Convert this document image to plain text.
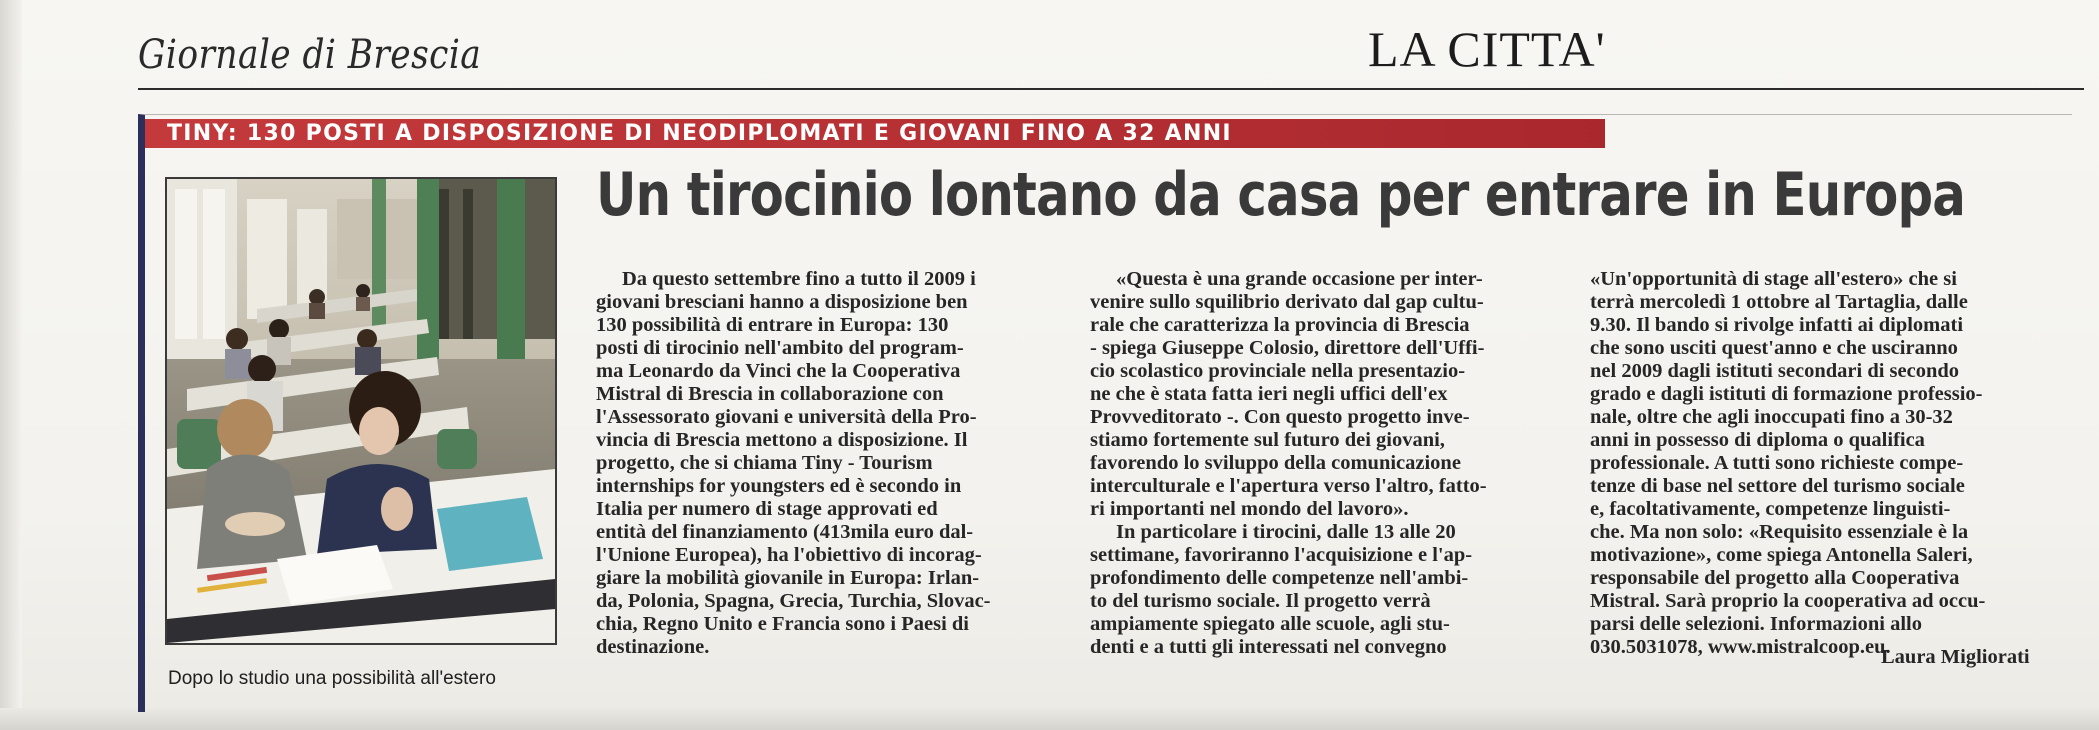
Giornale di Brescia	LA CITTA'
TINY: 130 POSTI A DISPOSIZIONE DI NEODIPLOMATI E GIOVANI FINO A 32 ANNI
Dopo lo studio una possibilità all'estero
Un tirocinio lontano da casa per entrare in Europa
Da questo settembre fino a tutto il 2009 i
giovani bresciani hanno a disposizione ben
130 possibilità di entrare in Europa: 130
posti di tirocinio nell'ambito del program-
ma Leonardo da Vinci che la Cooperativa
Mistral di Brescia in collaborazione con
l'Assessorato giovani e università della Pro-
vincia di Brescia mettono a disposizione. Il
progetto, che si chiama Tiny - Tourism
internships for youngsters ed è secondo in
Italia per numero di stage approvati ed
entità del finanziamento (413mila euro dal-
l'Unione Europea), ha l'obiettivo di incorag-
giare la mobilità giovanile in Europa: Irlan-
da, Polonia, Spagna, Grecia, Turchia, Slovac-
chia, Regno Unito e Francia sono i Paesi di
destinazione.
«Questa è una grande occasione per inter-
venire sullo squilibrio derivato dal gap cultu-
rale che caratterizza la provincia di Brescia
- spiega Giuseppe Colosio, direttore dell'Uffi-
cio scolastico provinciale nella presentazio-
ne che è stata fatta ieri negli uffici dell'ex
Provveditorato -. Con questo progetto inve-
stiamo fortemente sul futuro dei giovani,
favorendo lo sviluppo della comunicazione
interculturale e l'apertura verso l'altro, fatto-
ri importanti nel mondo del lavoro».
In particolare i tirocini, dalle 13 alle 20
settimane, favoriranno l'acquisizione e l'ap-
profondimento delle competenze nell'ambi-
to del turismo sociale. Il progetto verrà
ampiamente spiegato alle scuole, agli stu-
denti e a tutti gli interessati nel convegno
«Un'opportunità di stage all'estero» che si
terrà mercoledì 1 ottobre al Tartaglia, dalle
9.30. Il bando si rivolge infatti ai diplomati
che sono usciti quest'anno e che usciranno
nel 2009 dagli istituti secondari di secondo
grado e dagli istituti di formazione professio-
nale, oltre che agli inoccupati fino a 30-32
anni in possesso di diploma o qualifica
professionale. A tutti sono richieste compe-
tenze di base nel settore del turismo sociale
e, facoltativamente, competenze linguisti-
che. Ma non solo: «Requisito essenziale è la
motivazione», come spiega Antonella Saleri,
responsabile del progetto alla Cooperativa
Mistral. Sarà proprio la cooperativa ad occu-
parsi delle selezioni. Informazioni allo
030.5031078, www.mistralcoop.eu.
Laura Migliorati
